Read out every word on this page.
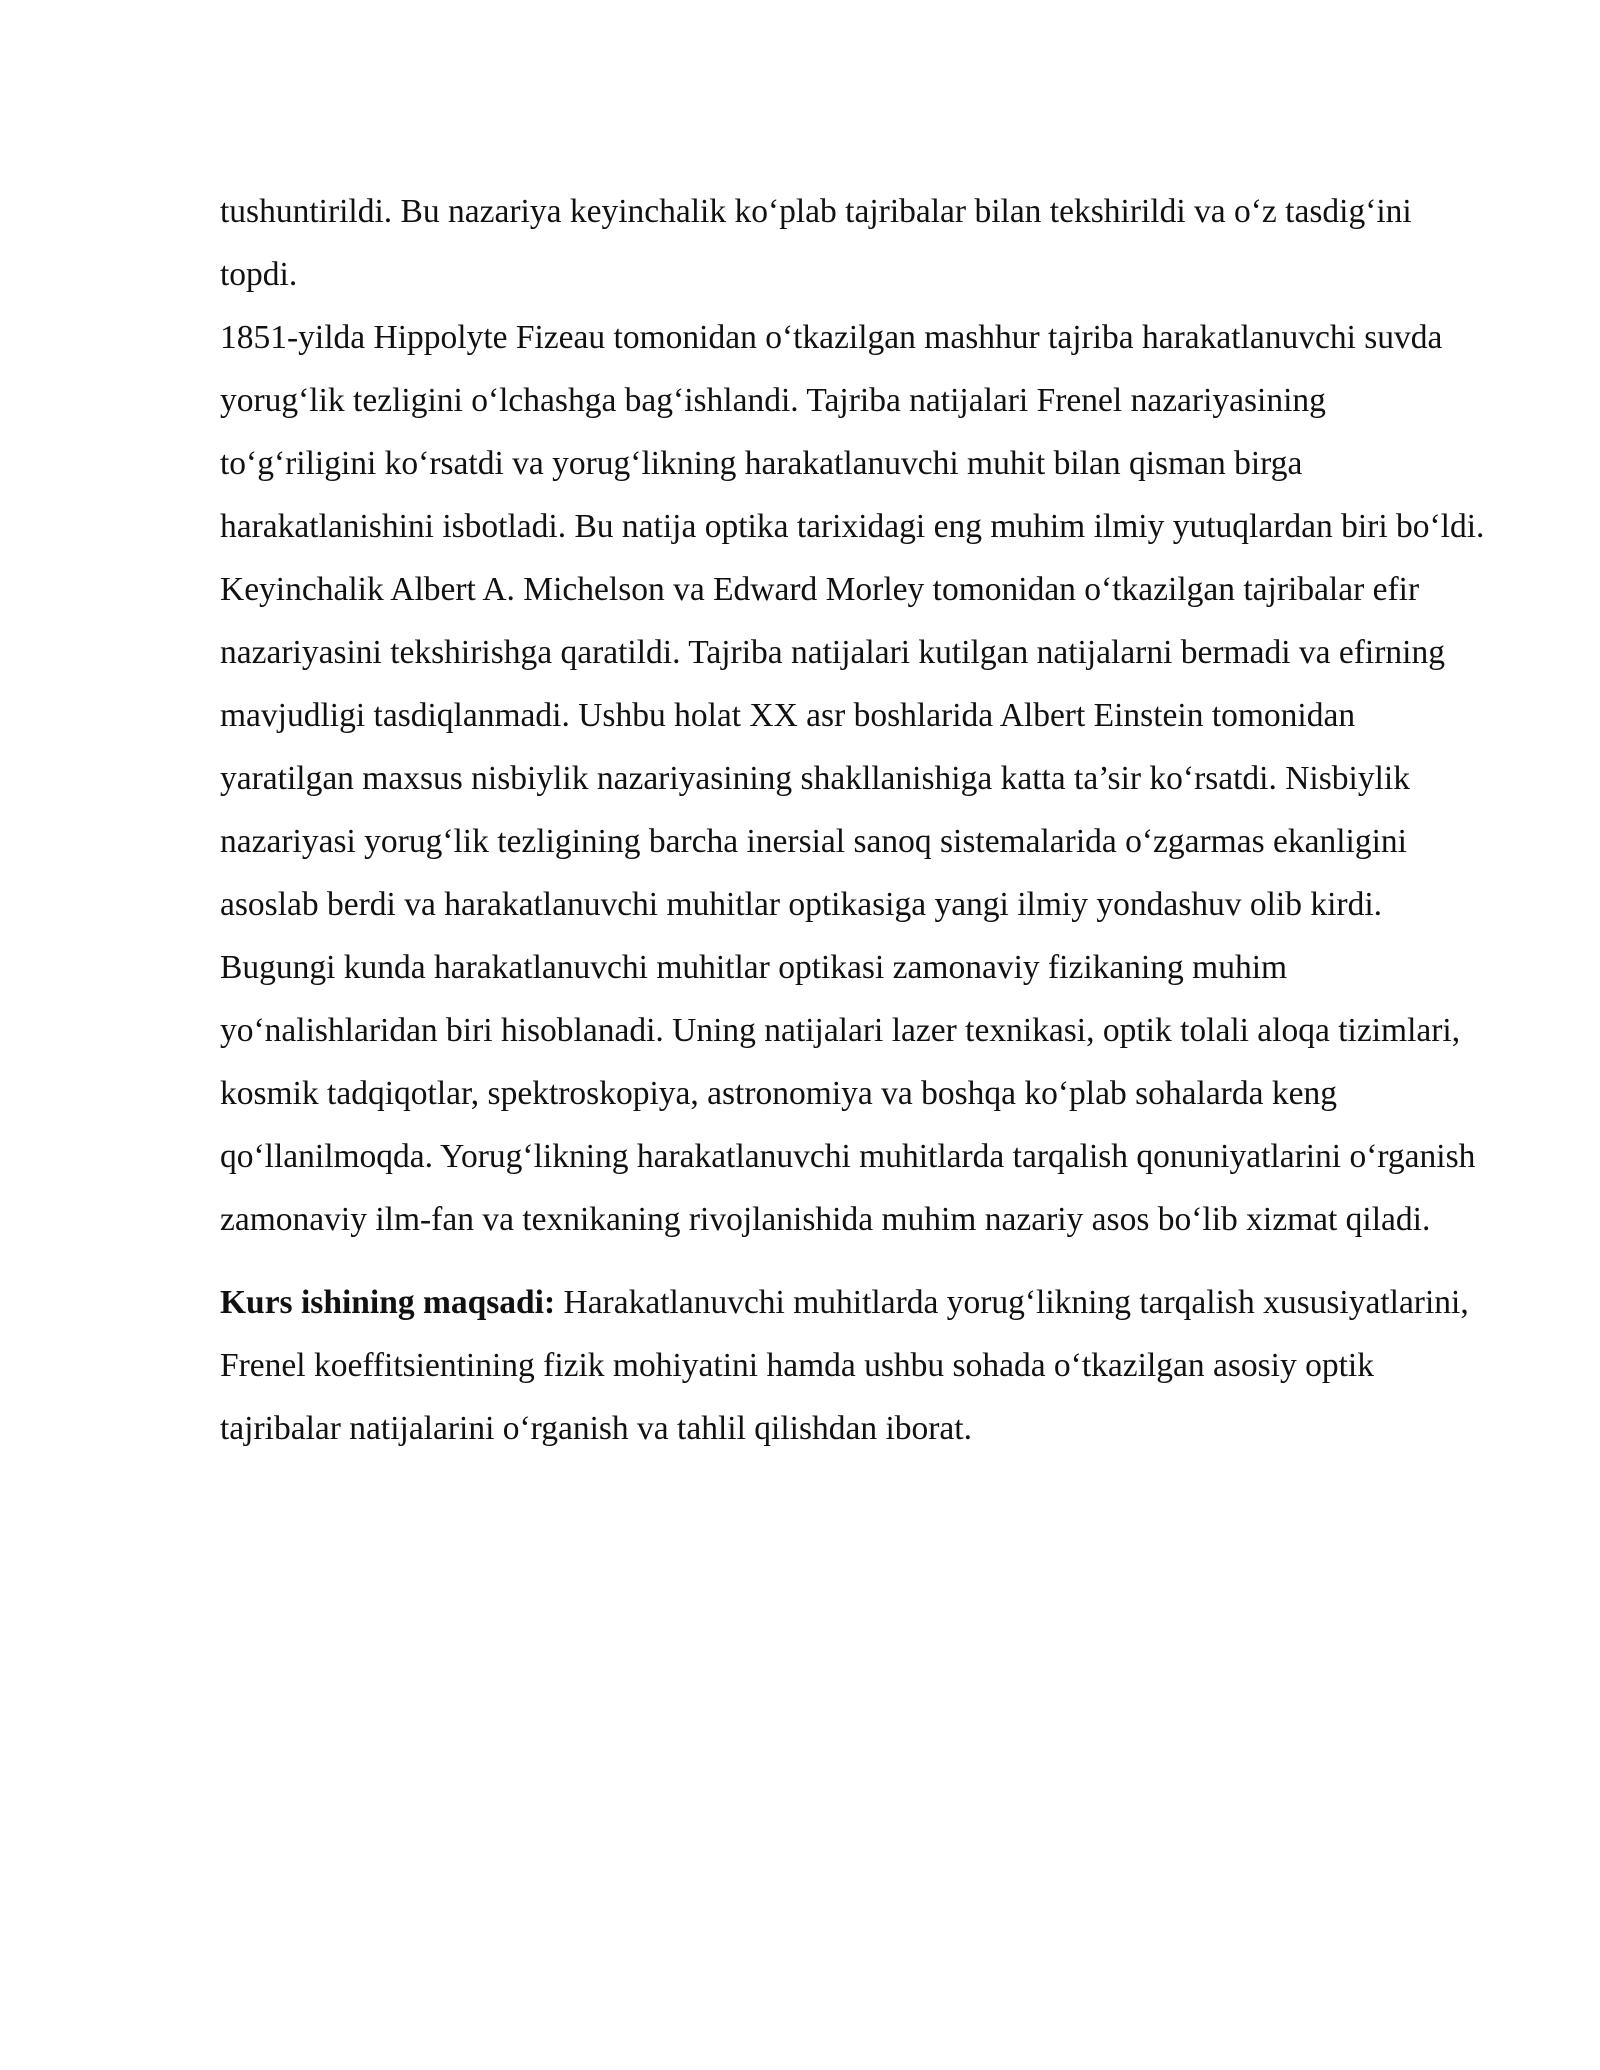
tushuntirildi. Bu nazariya keyinchalik ko‘plab tajribalar bilan tekshirildi va o‘z tasdig‘ini topdi.

1851-yilda Hippolyte Fizeau tomonidan o‘tkazilgan mashhur tajriba harakatlanuvchi suvda yorug‘lik tezligini o‘lchashga bag‘ishlandi. Tajriba natijalari Frenel nazariyasining to‘g‘riligini ko‘rsatdi va yorug‘likning harakatlanuvchi muhit bilan qisman birga harakatlanishini isbotladi. Bu natija optika tarixidagi eng muhim ilmiy yutuqlardan biri bo‘ldi.

Keyinchalik Albert A. Michelson va Edward Morley tomonidan o‘tkazilgan tajribalar efir nazariyasini tekshirishga qaratildi. Tajriba natijalari kutilgan natijalarni bermadi va efirning mavjudligi tasdiqlanmadi. Ushbu holat XX asr boshlarida Albert Einstein tomonidan yaratilgan maxsus nisbiylik nazariyasining shakllanishiga katta ta’sir ko‘rsatdi. Nisbiylik nazariyasi yorug‘lik tezligining barcha inersial sanoq sistemalarida o‘zgarmas ekanligini asoslab berdi va harakatlanuvchi muhitlar optikasiga yangi ilmiy yondashuv olib kirdi.

Bugungi kunda harakatlanuvchi muhitlar optikasi zamonaviy fizikaning muhim yo‘nalishlaridan biri hisoblanadi. Uning natijalari lazer texnikasi, optik tolali aloqa tizimlari, kosmik tadqiqotlar, spektroskopiya, astronomiya va boshqa ko‘plab sohalarda keng qo‘llanilmoqda. Yorug‘likning harakatlanuvchi muhitlarda tarqalish qonuniyatlarini o‘rganish zamonaviy ilm-fan va texnikaning rivojlanishida muhim nazariy asos bo‘lib xizmat qiladi.

Kurs ishining maqsadi: Harakatlanuvchi muhitlarda yorug‘likning tarqalish xususiyatlarini, Frenel koeffitsientining fizik mohiyatini hamda ushbu sohada o‘tkazilgan asosiy optik tajribalar natijalarini o‘rganish va tahlil qilishdan iborat.
